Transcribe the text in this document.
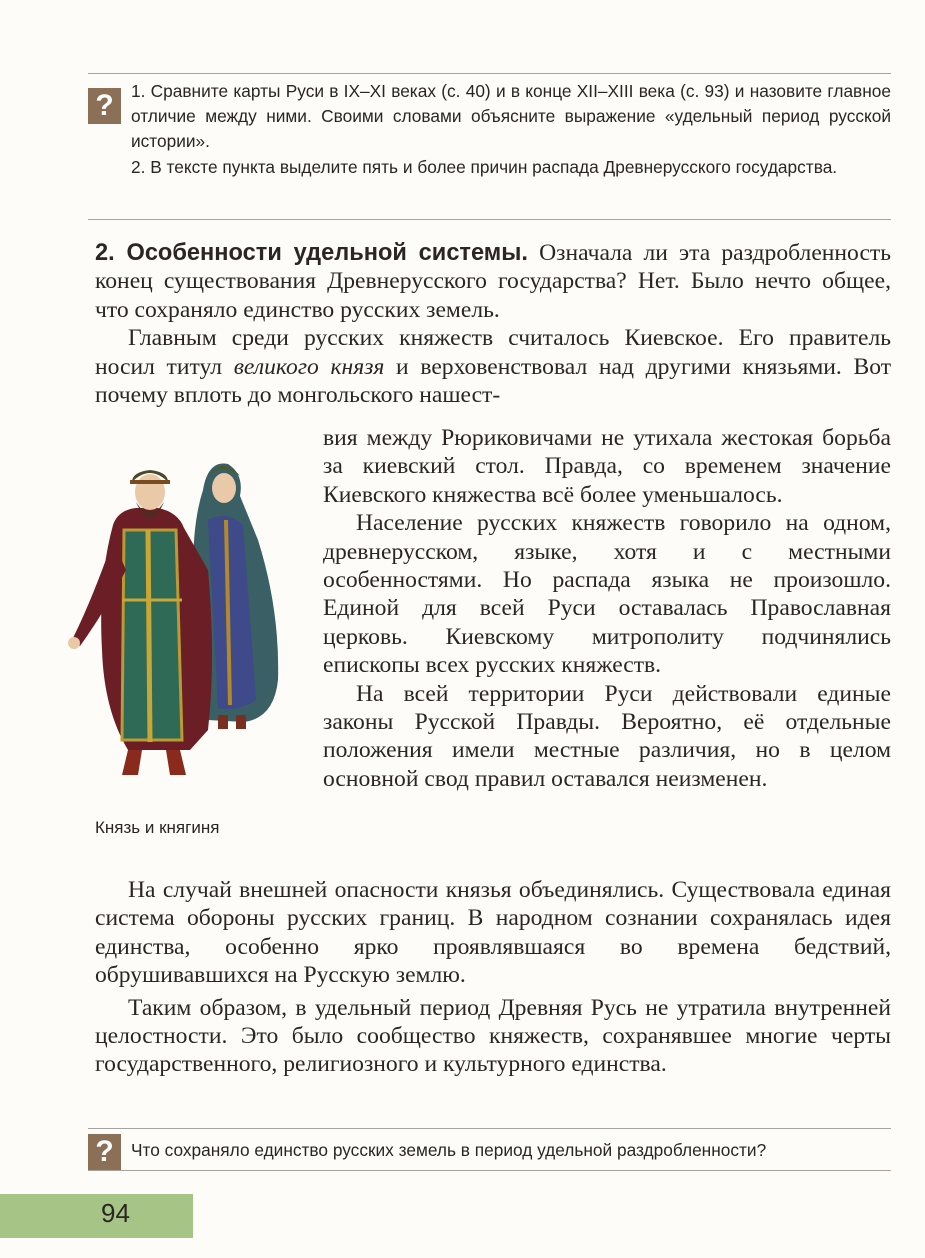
?	1. Сравните карты Руси в IX–XI веках (с. 40) и в конце XII–XIII века (с. 93) и назовите главное отличие между ними. Своими словами объясните выражение «удельный период русской истории».

2. В тексте пункта выделите пять и более причин распада Древнерусского государства.

2. Особенности удельной системы. Означала ли эта раздробленность конец существования Древнерусского государства? Нет. Было нечто общее, что сохраняло единство русских земель.

Главным среди русских княжеств считалось Киевское. Его правитель носил титул великого князя и верховенствовал над другими князьями. Вот почему вплоть до монгольского нашест-

Князь и княгиня

вия между Рюриковичами не утихала жестокая борьба за киевский стол. Правда, со временем значение Киевского княжества всё более уменьшалось.

Население русских княжеств говорило на одном, древнерусском, языке, хотя и с местными особенностями. Но распада языка не произошло. Единой для всей Руси оставалась Православная церковь. Киевскому митрополиту подчинялись епископы всех русских княжеств.

На всей территории Руси действовали единые законы Русской Правды. Вероятно, её отдельные положения имели местные различия, но в целом основной свод правил оставался неизменен.

На случай внешней опасности князья объединялись. Существовала единая система обороны русских границ. В народном сознании сохранялась идея единства, особенно ярко проявлявшаяся во времена бедствий, обрушивавшихся на Русскую землю.

Таким образом, в удельный период Древняя Русь не утратила внутренней целостности. Это было сообщество княжеств, сохранявшее многие черты государственного, религиозного и культурного единства.

?	Что сохраняло единство русских земель в период удельной раздробленности?
94
